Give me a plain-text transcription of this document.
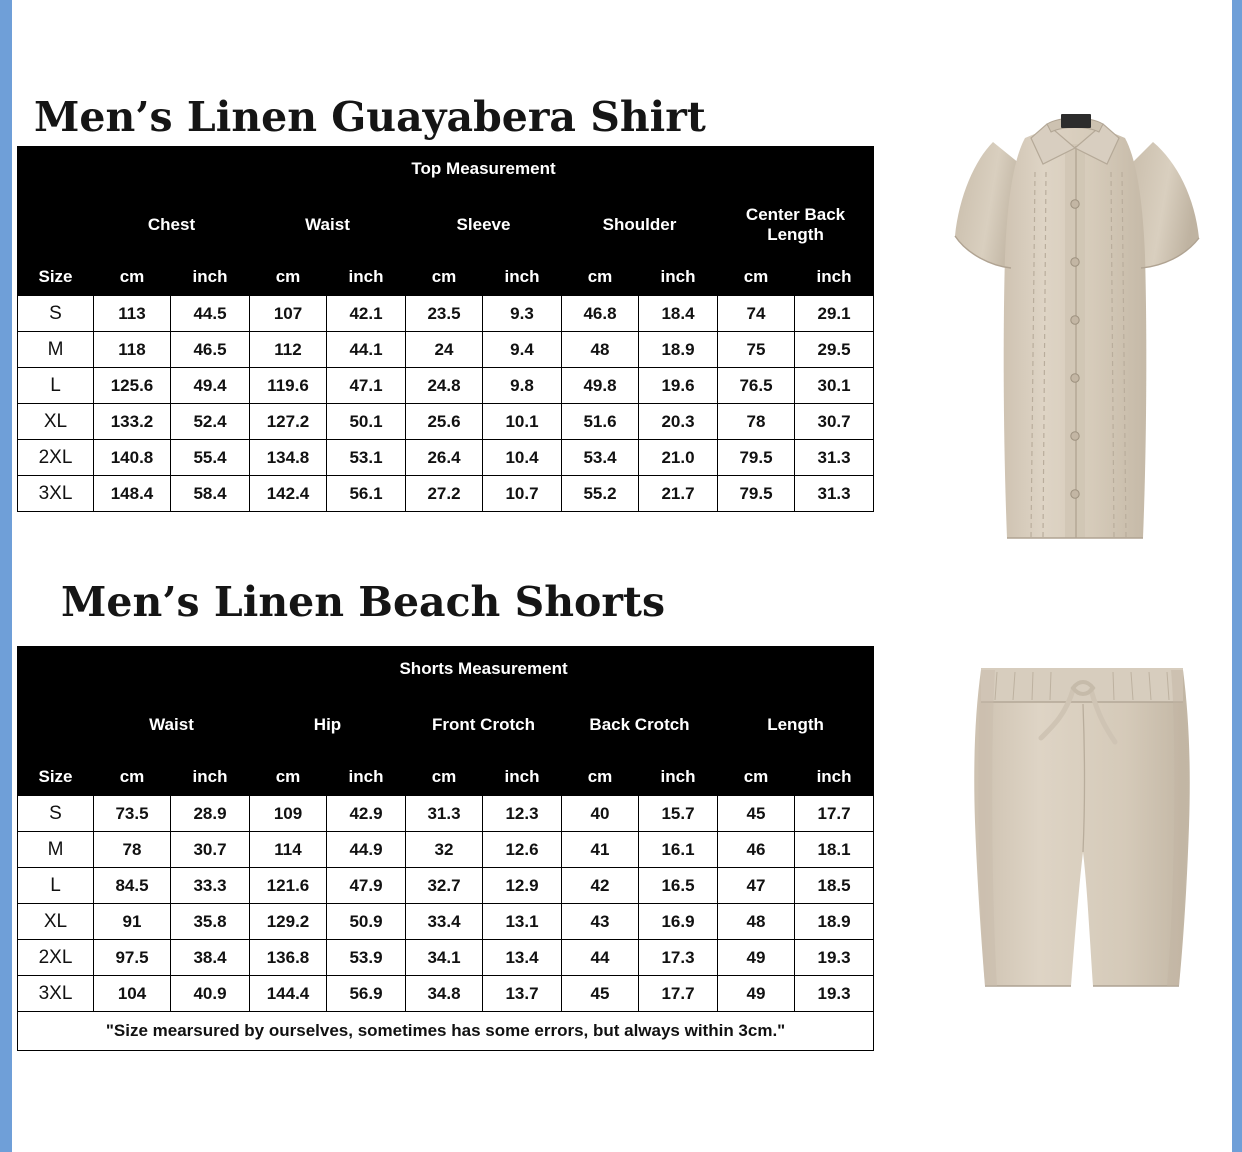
Men’s Linen Guayabera Shirt
	Top Measurement									
	Chest		Waist		Sleeve		Shoulder		Center Back Length	
Size	cm	inch	cm	inch	cm	inch	cm	inch	cm	inch
S	113	44.5	107	42.1	23.5	9.3	46.8	18.4	74	29.1
M	118	46.5	112	44.1	24	9.4	48	18.9	75	29.5
L	125.6	49.4	119.6	47.1	24.8	9.8	49.8	19.6	76.5	30.1
XL	133.2	52.4	127.2	50.1	25.6	10.1	51.6	20.3	78	30.7
2XL	140.8	55.4	134.8	53.1	26.4	10.4	53.4	21.0	79.5	31.3
3XL	148.4	58.4	142.4	56.1	27.2	10.7	55.2	21.7	79.5	31.3
Men’s Linen Beach Shorts
	Shorts Measurement									
	Waist		Hip		Front Crotch		Back Crotch		Length	
Size	cm	inch	cm	inch	cm	inch	cm	inch	cm	inch
S	73.5	28.9	109	42.9	31.3	12.3	40	15.7	45	17.7
M	78	30.7	114	44.9	32	12.6	41	16.1	46	18.1
L	84.5	33.3	121.6	47.9	32.7	12.9	42	16.5	47	18.5
XL	91	35.8	129.2	50.9	33.4	13.1	43	16.9	48	18.9
2XL	97.5	38.4	136.8	53.9	34.1	13.4	44	17.3	49	19.3
3XL	104	40.9	144.4	56.9	34.8	13.7	45	17.7	49	19.3
"Size mearsured by ourselves, sometimes has some errors, but always within 3cm."										
